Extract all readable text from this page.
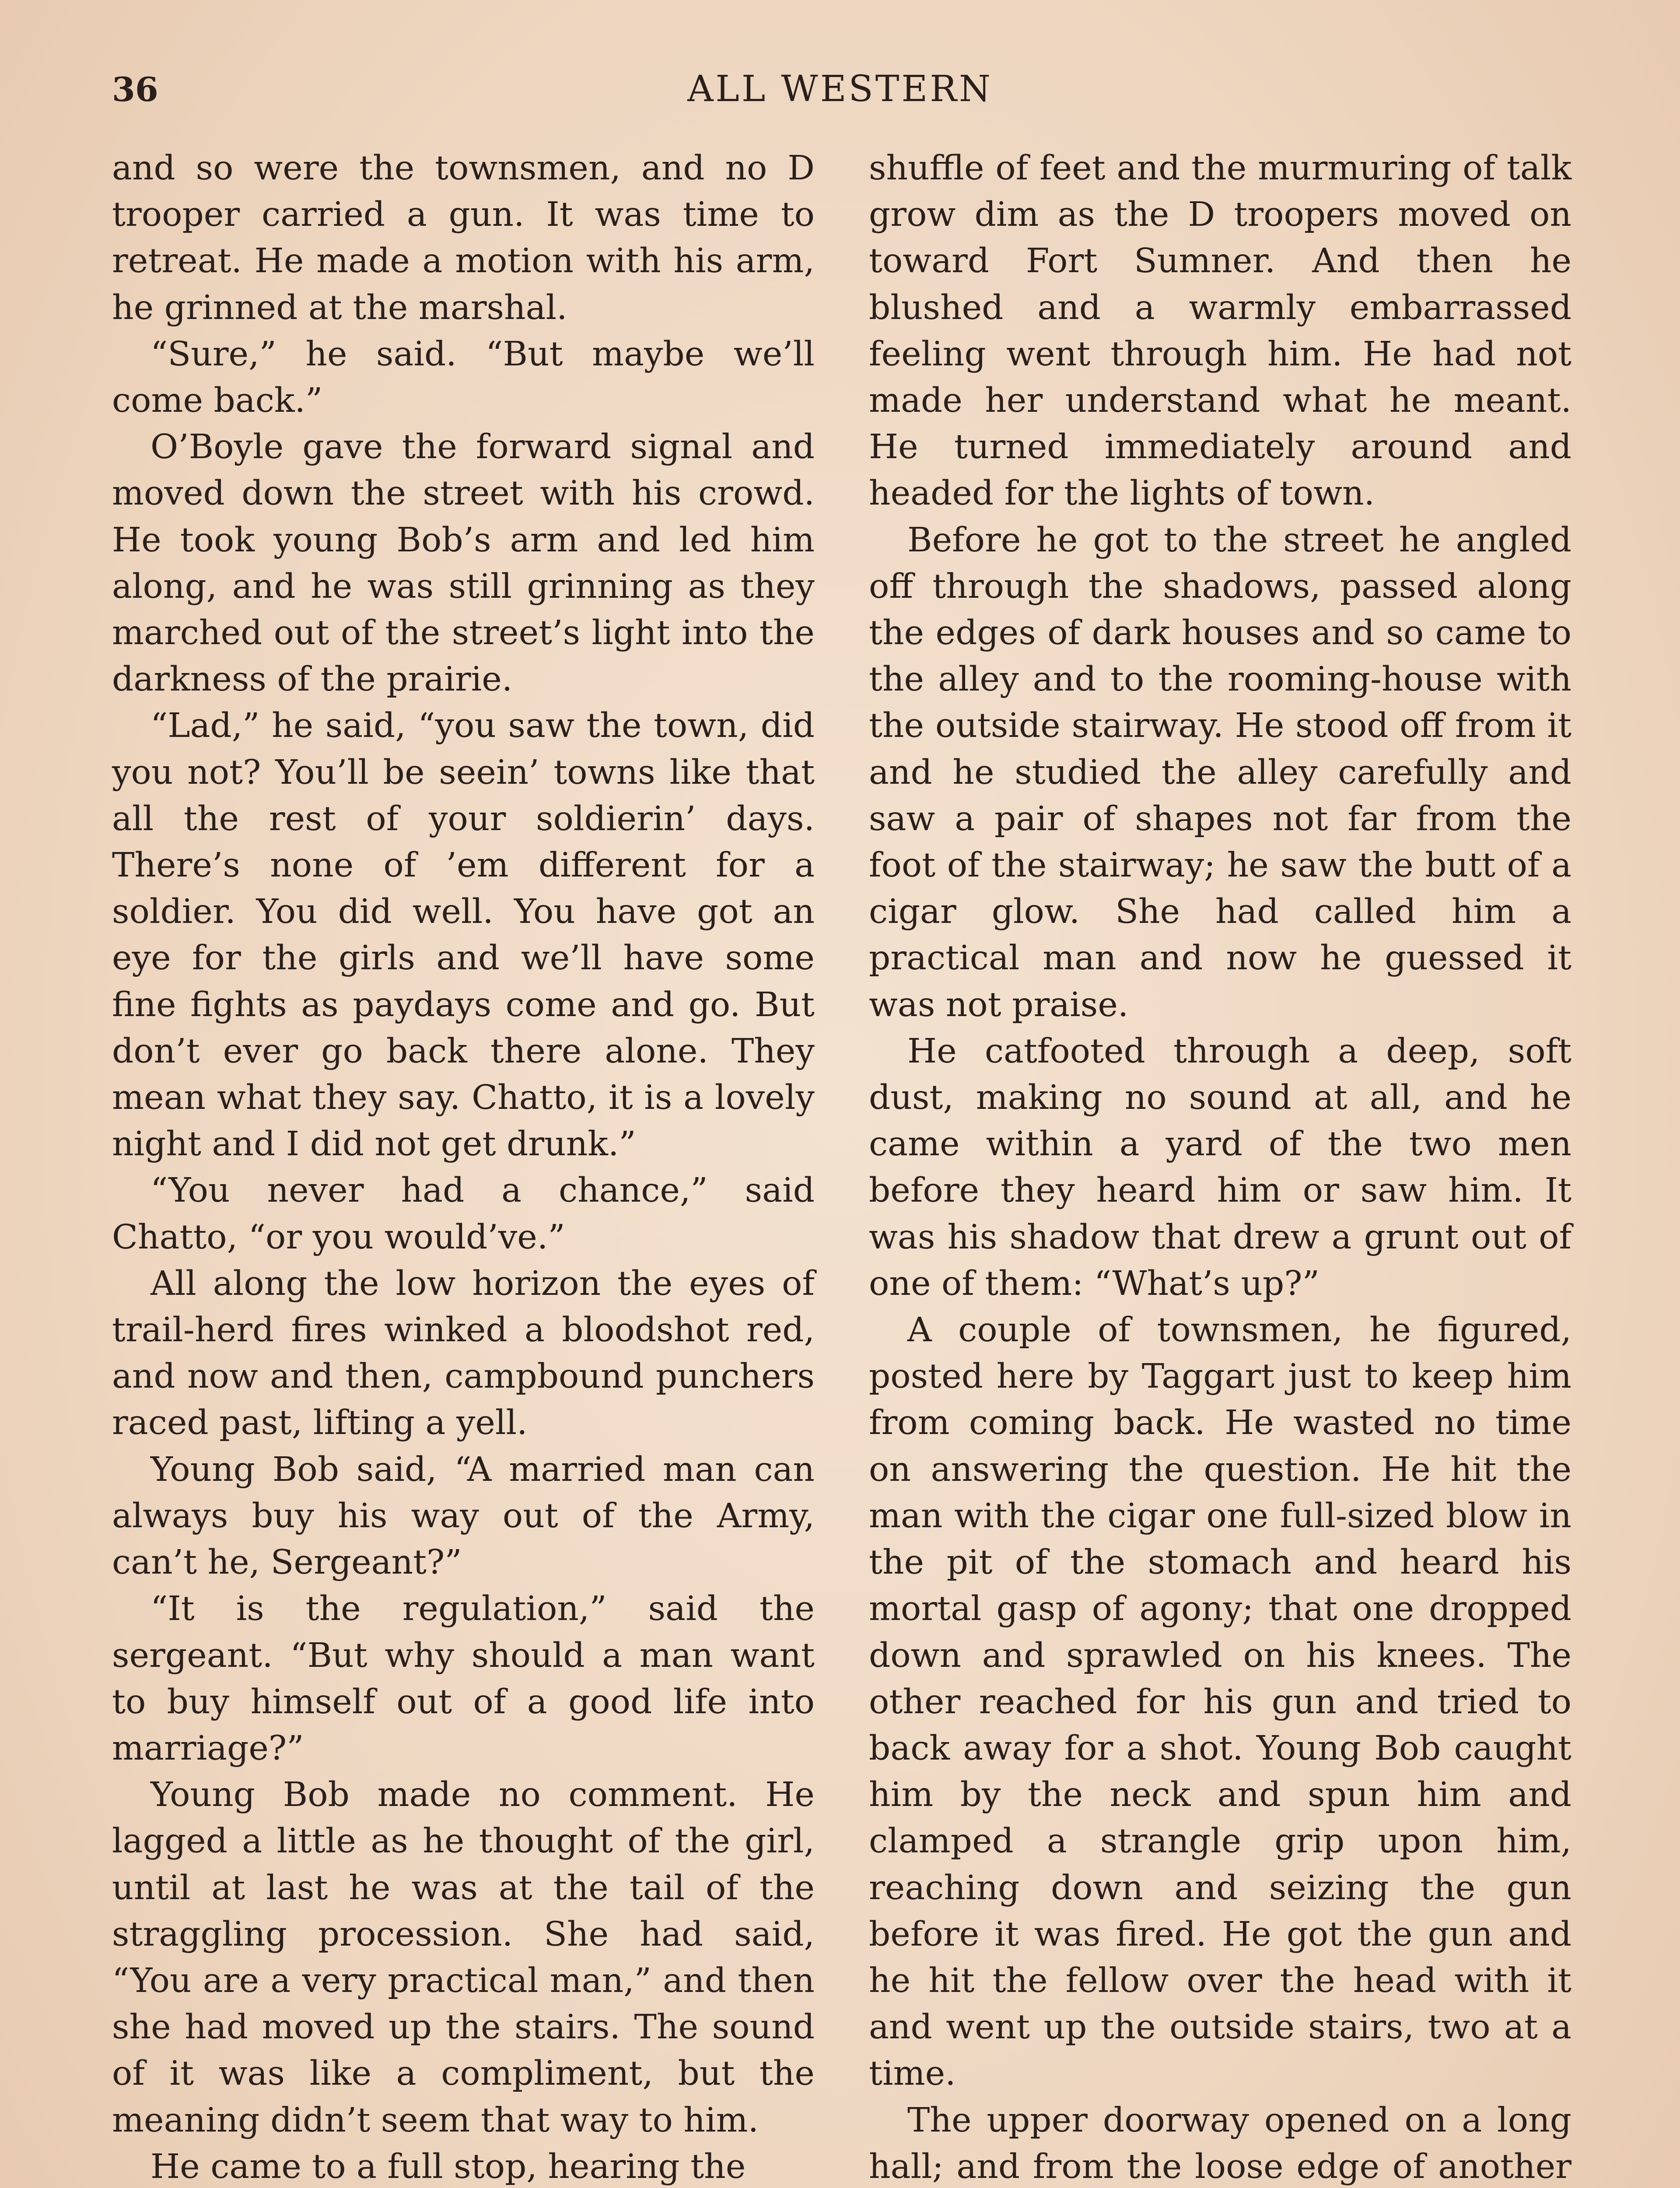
36	ALL WESTERN

and so were the townsmen, and no D trooper carried a gun. It was time to retreat. He made a motion with his arm, he grinned at the marshal.

“Sure,” he said. “But maybe we’ll come back.”

O’Boyle gave the forward signal and moved down the street with his crowd. He took young Bob’s arm and led him along, and he was still grinning as they marched out of the street’s light into the darkness of the prairie.

“Lad,” he said, “you saw the town, did you not? You’ll be seein’ towns like that all the rest of your soldierin’ days. There’s none of ’em different for a soldier. You did well. You have got an eye for the girls and we’ll have some fine fights as paydays come and go. But don’t ever go back there alone. They mean what they say. Chatto, it is a lovely night and I did not get drunk.”

“You never had a chance,” said Chatto, “or you would’ve.”

All along the low horizon the eyes of trail-herd fires winked a bloodshot red, and now and then, campbound punchers raced past, lifting a yell.

Young Bob said, “A married man can always buy his way out of the Army, can’t he, Sergeant?”

“It is the regulation,” said the sergeant. “But why should a man want to buy himself out of a good life into marriage?”

Young Bob made no comment. He lagged a little as he thought of the girl, until at last he was at the tail of the straggling procession. She had said, “You are a very practical man,” and then she had moved up the stairs. The sound of it was like a compliment, but the meaning didn’t seem that way to him.

He came to a full stop, hearing the

shuffle of feet and the murmuring of talk grow dim as the D troopers moved on toward Fort Sumner. And then he blushed and a warmly embarrassed feeling went through him. He had not made her understand what he meant. He turned immediately around and headed for the lights of town.

Before he got to the street he angled off through the shadows, passed along the edges of dark houses and so came to the alley and to the rooming-house with the outside stairway. He stood off from it and he studied the alley carefully and saw a pair of shapes not far from the foot of the stairway; he saw the butt of a cigar glow. She had called him a practical man and now he guessed it was not praise.

He catfooted through a deep, soft dust, making no sound at all, and he came within a yard of the two men before they heard him or saw him. It was his shadow that drew a grunt out of one of them: “What’s up?”

A couple of townsmen, he figured, posted here by Taggart just to keep him from coming back. He wasted no time on answering the question. He hit the man with the cigar one full-sized blow in the pit of the stomach and heard his mortal gasp of agony; that one dropped down and sprawled on his knees. The other reached for his gun and tried to back away for a shot. Young Bob caught him by the neck and spun him and clamped a strangle grip upon him, reaching down and seizing the gun before it was fired. He got the gun and he hit the fellow over the head with it and went up the outside stairs, two at a time.

The upper doorway opened on a long hall; and from the loose edge of another
